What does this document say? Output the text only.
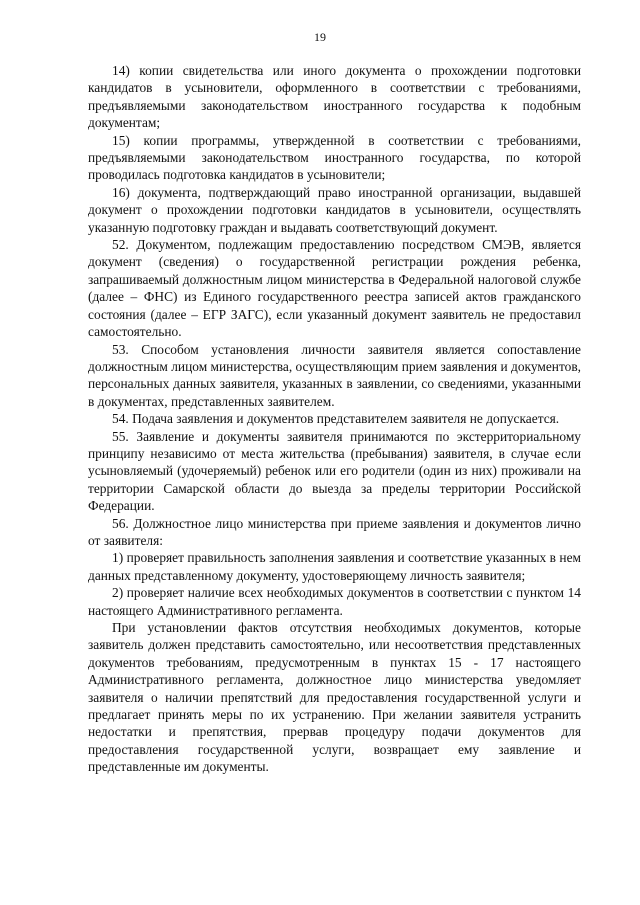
19

14) копии свидетельства или иного документа о прохождении подготовки кандидатов в усыновители, оформленного в соответствии с требованиями, предъявляемыми законодательством иностранного государства к подобным документам;

15) копии программы, утвержденной в соответствии с требованиями, предъявляемыми законодательством иностранного государства, по которой проводилась подготовка кандидатов в усыновители;

16) документа, подтверждающий право иностранной организации, выдавшей документ о прохождении подготовки кандидатов в усыновители, осуществлять указанную подготовку граждан и выдавать соответствующий документ.

52. Документом, подлежащим предоставлению посредством СМЭВ, является документ (сведения) о государственной регистрации рождения ребенка, запрашиваемый должностным лицом министерства в Федеральной налоговой службе (далее – ФНС) из Единого государственного реестра записей актов гражданского состояния (далее – ЕГР ЗАГС), если указанный документ заявитель не предоставил самостоятельно.

53. Способом установления личности заявителя является сопоставление должностным лицом министерства, осуществляющим прием заявления и документов, персональных данных заявителя, указанных в заявлении, со сведениями, указанными в документах, представленных заявителем.

54. Подача заявления и документов представителем заявителя не допускается.

55. Заявление и документы заявителя принимаются по экстерриториальному принципу независимо от места жительства (пребывания) заявителя, в случае если усыновляемый (удочеряемый) ребенок или его родители (один из них) проживали на территории Самарской области до выезда за пределы территории Российской Федерации.

56. Должностное лицо министерства при приеме заявления и документов лично от заявителя:

1) проверяет правильность заполнения заявления и соответствие указанных в нем данных представленному документу, удостоверяющему личность заявителя;

2) проверяет наличие всех необходимых документов в соответствии с пунктом 14 настоящего Административного регламента.

При установлении фактов отсутствия необходимых документов, которые заявитель должен представить самостоятельно, или несоответствия представленных документов требованиям, предусмотренным в пунктах 15 - 17 настоящего Административного регламента, должностное лицо министерства уведомляет заявителя о наличии препятствий для предоставления государственной услуги и предлагает принять меры по их устранению. При желании заявителя устранить недостатки и препятствия, прервав процедуру подачи документов для предоставления государственной услуги, возвращает ему заявление и представленные им документы.
